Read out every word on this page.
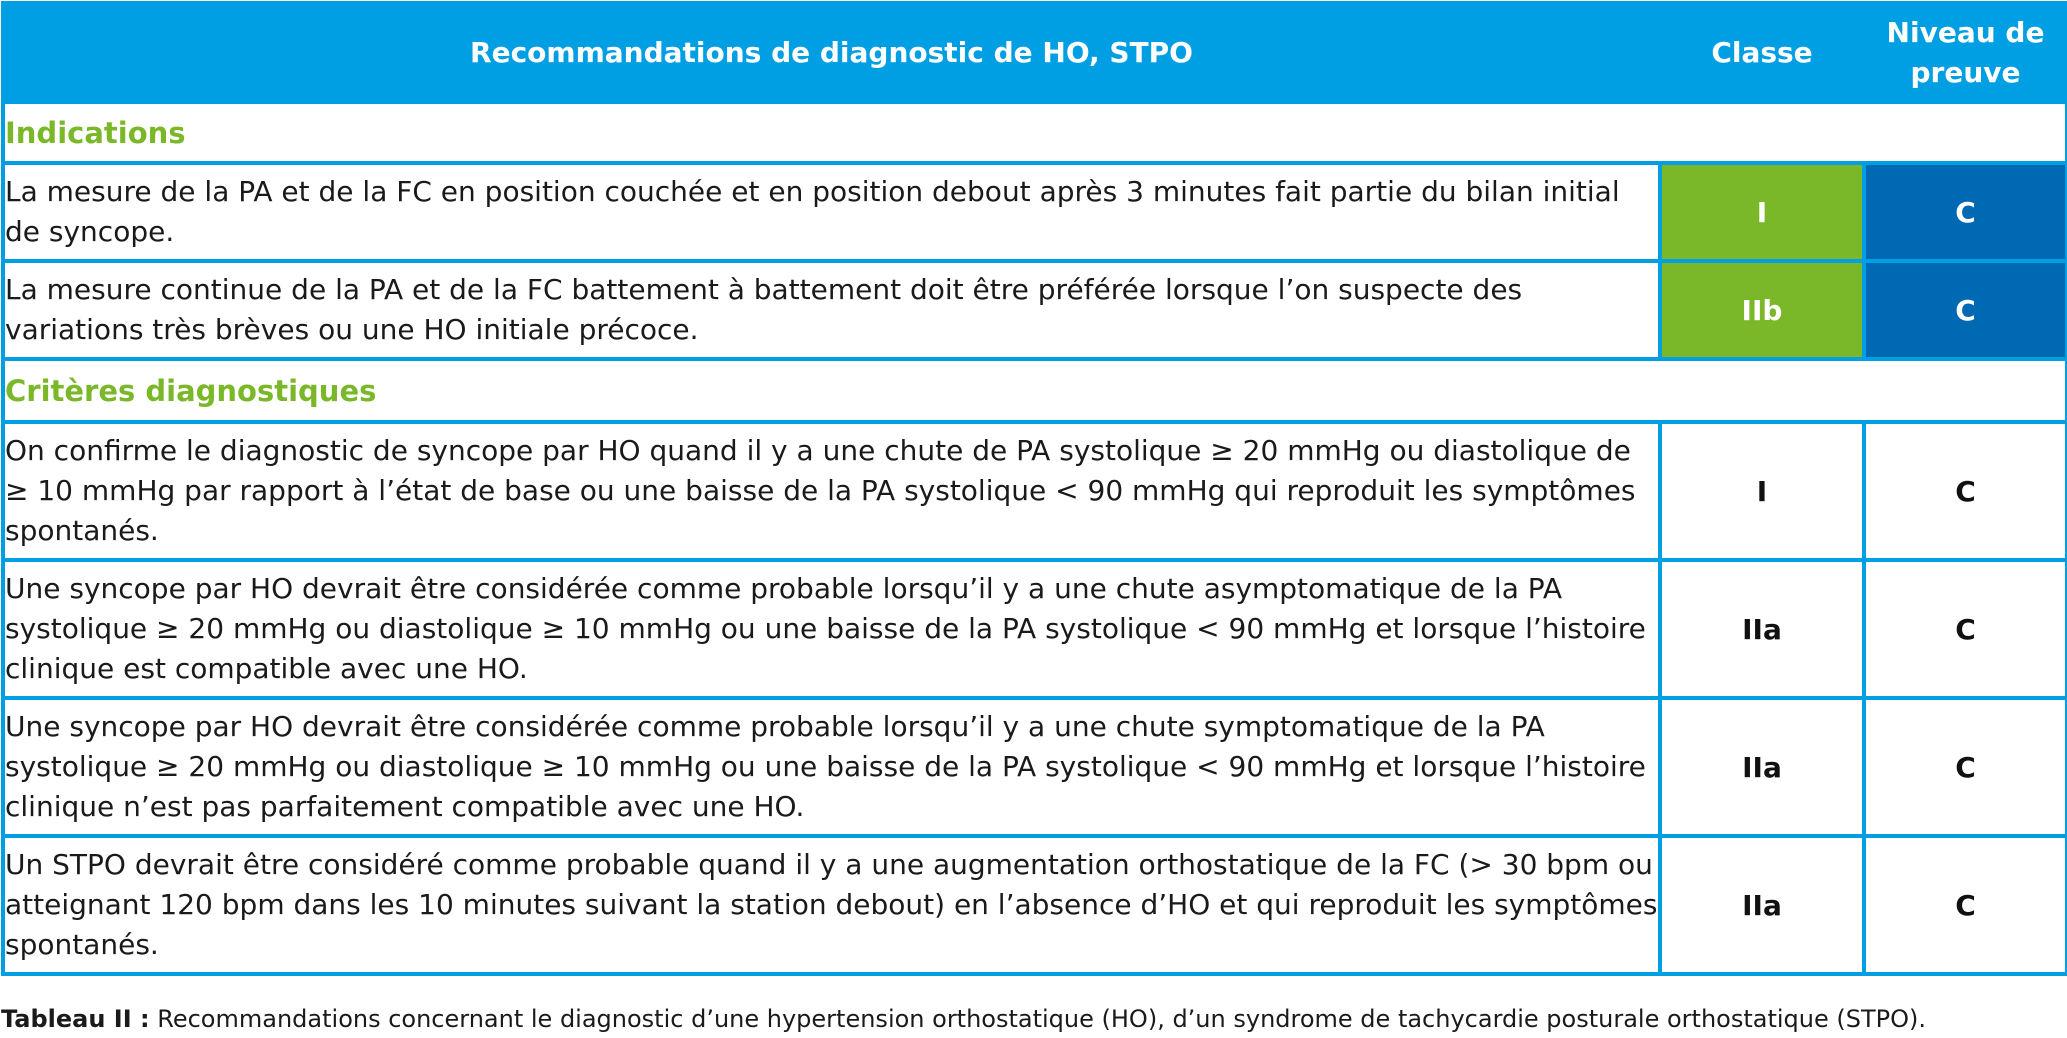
Recommandations de diagnostic de HO, STPO	Classe	Niveau de
preuve
Indications		
La mesure de la PA et de la FC en position couchée et en position debout après 3 minutes fait partie du bilan initial de syncope.	I	C
La mesure continue de la PA et de la FC battement à battement doit être préférée lorsque l’on suspecte des variations très brèves ou une HO initiale précoce.	IIb	C
Critères diagnostiques		
On confirme le diagnostic de syncope par HO quand il y a une chute de PA systolique ≥ 20 mmHg ou diastolique de ≥ 10 mmHg par rapport à l’état de base ou une baisse de la PA systolique < 90 mmHg qui reproduit les symptômes spontanés.	I	C
Une syncope par HO devrait être considérée comme probable lorsqu’il y a une chute asymptomatique de la PA systolique ≥ 20 mmHg ou diastolique ≥ 10 mmHg ou une baisse de la PA systolique < 90 mmHg et lorsque l’histoire clinique est compatible avec une HO.	IIa	C
Une syncope par HO devrait être considérée comme probable lorsqu’il y a une chute symptomatique de la PA systolique ≥ 20 mmHg ou diastolique ≥ 10 mmHg ou une baisse de la PA systolique < 90 mmHg et lorsque l’histoire clinique n’est pas parfaitement compatible avec une HO.	IIa	C
Un STPO devrait être considéré comme probable quand il y a une augmentation orthostatique de la FC (> 30 bpm ou atteignant 120 bpm dans les 10 minutes suivant la station debout) en l’absence d’HO et qui reproduit les symptômes spontanés.	IIa	C
Tableau II : Recommandations concernant le diagnostic d’une hypertension orthostatique (HO), d’un syndrome de tachycardie posturale orthostatique (STPO).
